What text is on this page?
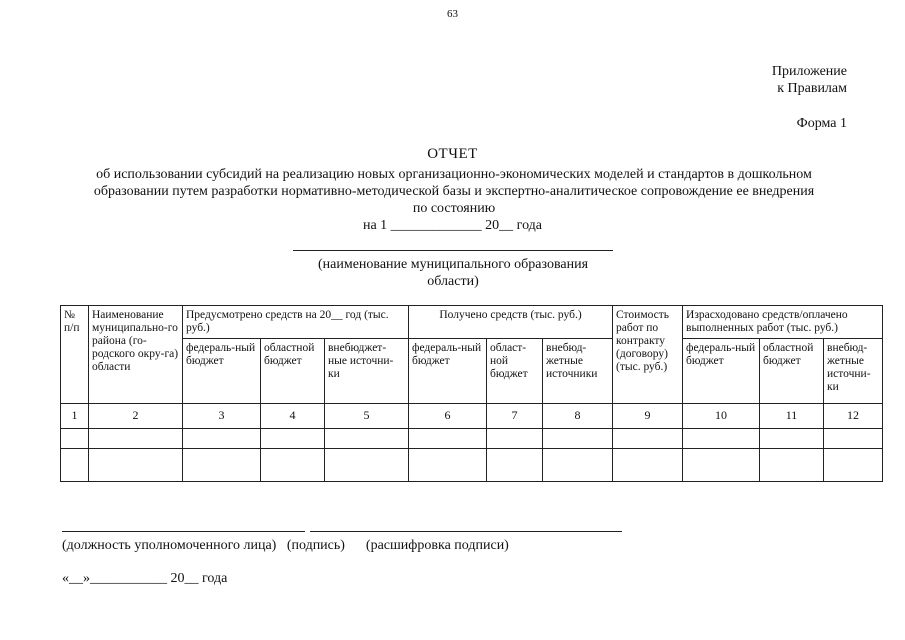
63
Приложение
к Правилам
Форма 1
ОТЧЕТ
об использовании субсидий на реализацию новых организационно-экономических моделей и стандартов в дошкольном
образовании путем разработки нормативно-методической базы и экспертно-аналитическое сопровождение ее внедрения
по состоянию
на 1 _____________ 20__ года
(наименование муниципального образования
области)
№ п/п	Наименование муниципально-го района (го-родского окру-га) области	Предусмотрено средств на 20__ год (тыс. руб.)			Получено средств (тыс. руб.)			Стоимость работ по контракту (договору) (тыс. руб.)	Израсходовано средств/оплачено выполненных работ (тыс. руб.)		
		федераль-ный бюджет	областной бюджет	внебюджет-ные источни-ки	федераль-ный бюджет	област-ной бюджет	внебюд-жетные источники		федераль-ный бюджет	областной бюджет	внебюд-жетные источни-ки
1	2	3	4	5	6	7	8	9	10	11	12

(должность уполномоченного лица)   (подпись)      (расшифровка подписи)
«__»___________ 20__ года
